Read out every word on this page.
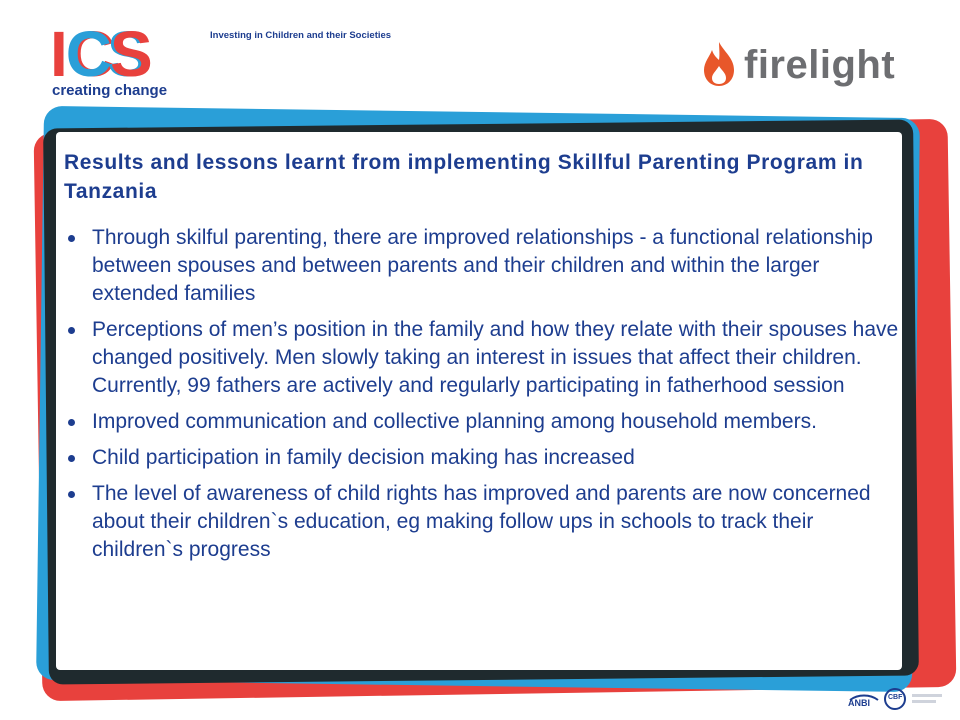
ICS
creating change
Investing in Children and their Societies
firelight
Results and lessons learnt from implementing Skillful Parenting Program in Tanzania
Through skilful parenting, there are improved relationships - a functional relationship between spouses and between parents and their children and within the larger extended families
Perceptions of men’s position in the family and how they relate with their spouses have changed positively. Men slowly taking an interest in issues that affect their children. Currently, 99 fathers are actively and regularly participating in fatherhood session
Improved communication and collective planning among household members.
Child participation in family decision making has increased
The level of awareness of child rights has improved and parents are now concerned about their children`s education, eg making follow ups in schools to track their children`s progress
ANBI
CBF
